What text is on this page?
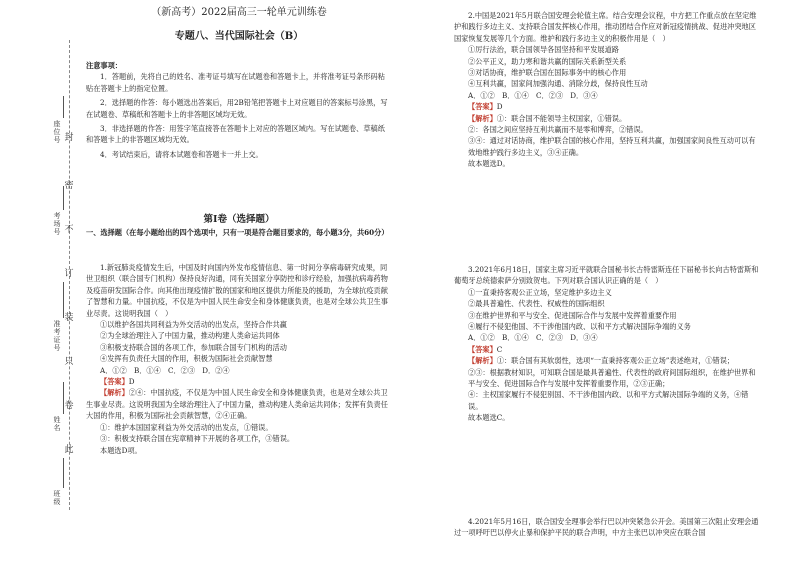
封
密
不
订
装
只
卷
此
座
位
号
考
场
号
准
考
证
号
姓
名
班
级
（新高考）2022届高三一轮单元训练卷
专题八、当代国际社会（B）

注意事项：

1．答题前，先将自己的姓名、准考证号填写在试题卷和答题卡上，并将准考证号条形码粘贴在答题卡上的指定位置。

2．选择题的作答：每小题选出答案后，用2B铅笔把答题卡上对应题目的答案标号涂黑，写在试题卷、草稿纸和答题卡上的非答题区域均无效。

3．非选择题的作答：用签字笔直接答在答题卡上对应的答题区域内。写在试题卷、草稿纸和答题卡上的非答题区域均无效。

4．考试结束后，请将本试题卷和答题卡一并上交。

第Ⅰ卷（选择题）

一、选择题（在每小题给出的四个选项中，只有一项是符合题目要求的，每小题3分，共60分）

1.新冠肺炎疫情发生后，中国及时向国内外发布疫情信息、第一时间分享病毒研究成果，同世卫组织（联合国专门机构）保持良好沟通，同有关国家分享防控和诊疗经验，加强抗病毒药物及疫苗研发国际合作。向其他出现疫情扩散的国家和地区提供力所能及的援助，为全球抗疫贡献了智慧和力量。中国抗疫，不仅是为中国人民生命安全和身体健康负责，也是对全球公共卫生事业尽责。这说明我国（　）

①以维护各国共同利益为外交活动的出发点，坚持合作共赢

②为全球治理注入了中国力量，推动构建人类命运共同体

③积极支持联合国的各项工作，参加联合国专门机构的活动

④发挥有负责任大国的作用，积极为国际社会贡献智慧

A．①②　B．①④　C．②③　D．②④

【答案】D

【解析】②④：中国抗疫，不仅是为中国人民生命安全和身体健康负责，也是对全球公共卫生事业尽责。这说明我国为全球治理注入了中国力量，推动构建人类命运共同体；发挥有负责任大国的作用，积极为国际社会贡献智慧，②④正确。

①：维护本国国家利益为外交活动的出发点，①错误。

③：积极支持联合国在宪章精神下开展的各项工作，③错误。

本题选D项。

2.中国是2021年5月联合国安理会轮值主席。结合安理会议程，中方把工作重点放在坚定维护和践行多边主义、支持联合国发挥核心作用，推动团结合作应对新冠疫情挑战、促进冲突地区国家恢复发展等几个方面。维护和践行多边主义的积极作用是（　）

①厉行法治，联合国领导各国坚持和平发展道路

②公平正义，助力寒和谐共赢的国际关系新型关系

③对话协商，维护联合国在国际事务中的核心作用

④互利共赢，国家间加强沟通、消除分歧，保持良性互动

A．①②　B．①④　C．②③　D．③④

【答案】D

【解析】①：联合国不能领导主权国家，①错误。

②：各国之间应坚持互利共赢而不是零和博弈，②错误。

③④：通过对话协商，维护联合国的核心作用，坚持互利共赢，加强国家间良性互动可以有效地维护践行多边主义，③④正确。

故本题选D。

3.2021年6月18日，国家主席习近平就联合国秘书长古特雷斯连任下届秘书长向古特雷斯和葡萄牙总统德索萨分别致贺电。下列对联合国认识正确的是（　）

①一直秉持客观公正立场，坚定维护多边主义

②最具普遍性、代表性、权威性的国际组织

③在维护世界和平与安全、促进国际合作与发展中发挥着重要作用

④履行不侵犯他国、不干涉他国内政、以和平方式解决国际争端的义务

A．①②　B．①④　C．②③　D．③④

【答案】C

【解析】①：联合国有其软弱性，选项“一直秉持客观公正立场”表述绝对，①错误；

②③：根据教材知识，可知联合国是最具普遍性、代表性的政府间国际组织，在维护世界和平与安全、促进国际合作与发展中发挥着重要作用，②③正确；

④：主权国家履行不侵犯别国、不干涉他国内政、以和平方式解决国际争端的义务，④错误。

故本题选C。

4.2021年5月16日，联合国安全理事会举行巴以冲突紧急公开会。美国第三次阻止安理会通过一项呼吁巴以停火止暴和保护平民的联合声明，中方主张巴以冲突应在联合国
